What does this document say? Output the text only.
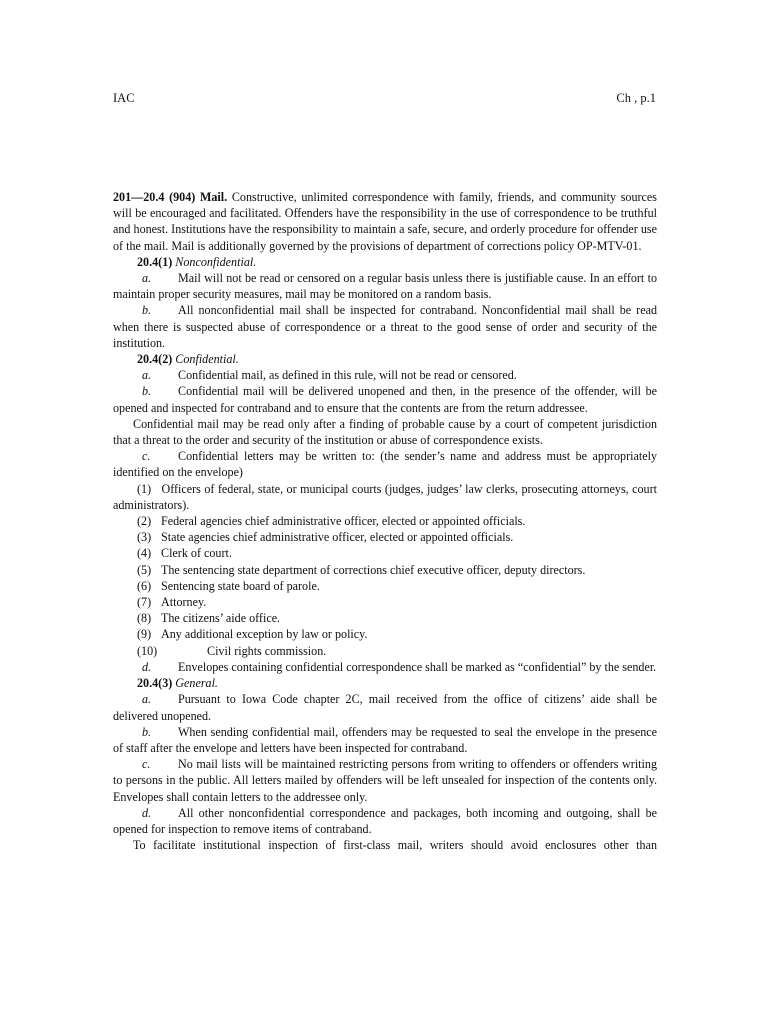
IAC	Ch , p.1

201—20.4 (904) Mail. Constructive, unlimited correspondence with family, friends, and community sources will be encouraged and facilitated. Offenders have the responsibility in the use of correspondence to be truthful and honest. Institutions have the responsibility to maintain a safe, secure, and orderly procedure for offender use of the mail. Mail is additionally governed by the provisions of department of corrections policy OP-MTV-01.

20.4(1) Nonconfidential.

a. Mail will not be read or censored on a regular basis unless there is justifiable cause. In an effort to maintain proper security measures, mail may be monitored on a random basis.

b. All nonconfidential mail shall be inspected for contraband. Nonconfidential mail shall be read when there is suspected abuse of correspondence or a threat to the good sense of order and security of the institution.

20.4(2) Confidential.

a. Confidential mail, as defined in this rule, will not be read or censored.

b. Confidential mail will be delivered unopened and then, in the presence of the offender, will be opened and inspected for contraband and to ensure that the contents are from the return addressee.

Confidential mail may be read only after a finding of probable cause by a court of competent jurisdiction that a threat to the order and security of the institution or abuse of correspondence exists.

c. Confidential letters may be written to: (the sender’s name and address must be appropriately identified on the envelope)

(1) Officers of federal, state, or municipal courts (judges, judges’ law clerks, prosecuting attorneys, court administrators).

(2) Federal agencies chief administrative officer, elected or appointed officials.

(3) State agencies chief administrative officer, elected or appointed officials.

(4) Clerk of court.

(5) The sentencing state department of corrections chief executive officer, deputy directors.

(6) Sentencing state board of parole.

(7) Attorney.

(8) The citizens’ aide office.

(9) Any additional exception by law or policy.

(10)	Civil rights commission.

d. Envelopes containing confidential correspondence shall be marked as “confidential” by the sender.

20.4(3) General.

a. Pursuant to Iowa Code chapter 2C, mail received from the office of citizens’ aide shall be delivered unopened.

b. When sending confidential mail, offenders may be requested to seal the envelope in the presence of staff after the envelope and letters have been inspected for contraband.

c. No mail lists will be maintained restricting persons from writing to offenders or offenders writing to persons in the public. All letters mailed by offenders will be left unsealed for inspection of the contents only. Envelopes shall contain letters to the addressee only.

d. All other nonconfidential correspondence and packages, both incoming and outgoing, shall be opened for inspection to remove items of contraband.

To facilitate institutional inspection of first-class mail, writers should avoid enclosures other than
